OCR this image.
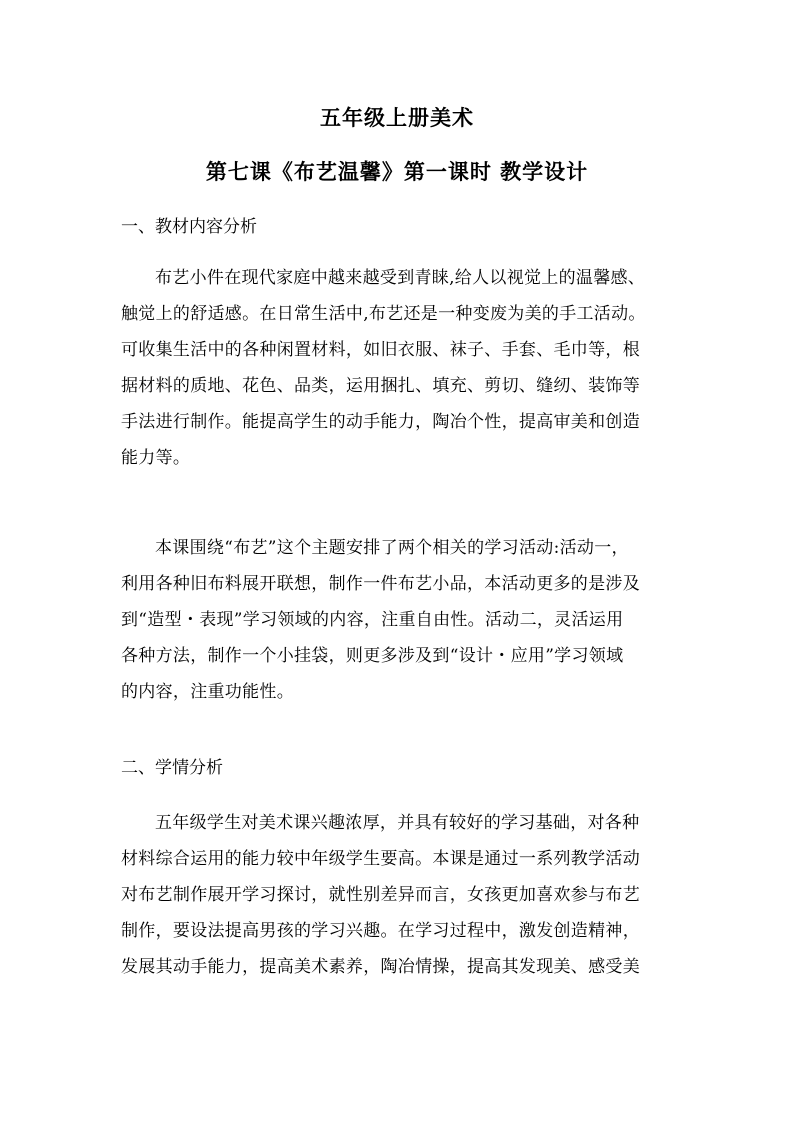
五年级上册美术
第七课《布艺温馨》第一课时 教学设计
一、教材内容分析
布艺小件在现代家庭中越来越受到青睐,给人以视觉上的温馨感、
触觉上的舒适感。在日常生活中,布艺还是一种变废为美的手工活动。
可收集生活中的各种闲置材料，如旧衣服、袜子、手套、毛巾等，根
据材料的质地、花色、品类，运用捆扎、填充、剪切、缝纫、装饰等
手法进行制作。能提高学生的动手能力，陶冶个性，提高审美和创造
能力等。
本课围绕“布艺”这个主题安排了两个相关的学习活动:活动一，
利用各种旧布料展开联想，制作一件布艺小品，本活动更多的是涉及
到“造型・表现”学习领域的内容，注重自由性。活动二，灵活运用
各种方法，制作一个小挂袋，则更多涉及到“设计・应用”学习领域
的内容，注重功能性。
二、学情分析
五年级学生对美术课兴趣浓厚，并具有较好的学习基础，对各种
材料综合运用的能力较中年级学生要高。本课是通过一系列教学活动
对布艺制作展开学习探讨，就性别差异而言，女孩更加喜欢参与布艺
制作，要设法提高男孩的学习兴趣。在学习过程中，激发创造精神，
发展其动手能力，提高美术素养，陶冶情操，提高其发现美、感受美
